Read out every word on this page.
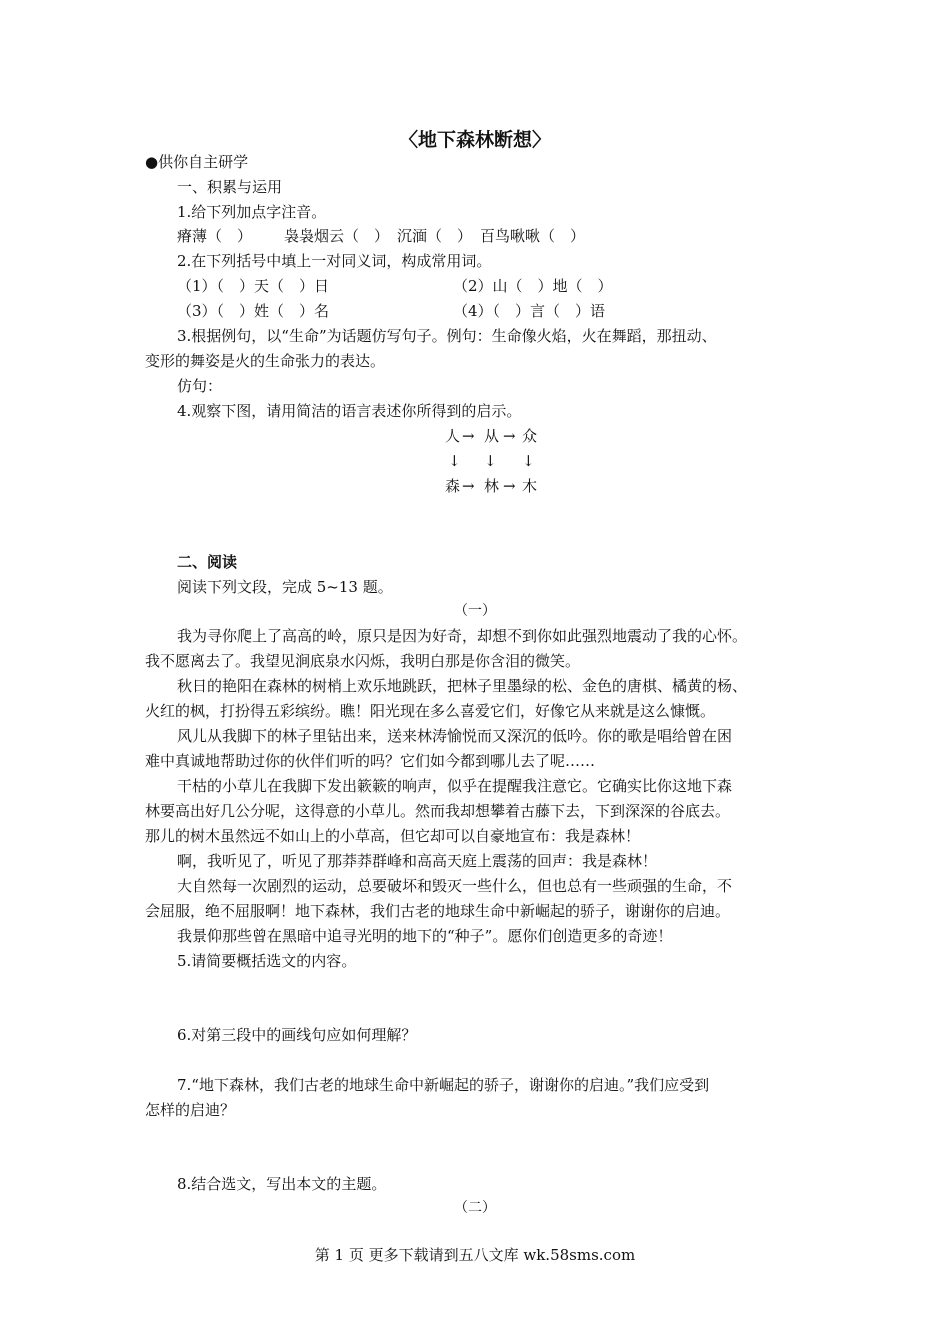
〈地下森林断想〉
●供你自主研学
一、积累与运用
1.给下列加点字注音。
瘠薄（　） 袅袅烟云（　） 沉湎（　） 百鸟啾啾（　）
2.在下列括号中填上一对同义词，构成常用词。
（1）（　）天（　）日	（2）山（　）地（　）
（3）（　）姓（　）名	（4）（　）言（　）语
3.根据例句，以“生命”为话题仿写句子。例句：生命像火焰，火在舞蹈，那扭动、
变形的舞姿是火的生命张力的表达。
仿句：
4.观察下图，请用简洁的语言表述你所得到的启示。
人 → 从 → 众
↓ ↓ ↓
森 → 林 → 木
二、阅读
阅读下列文段，完成 5~13 题。
（一）
我为寻你爬上了高高的岭，原只是因为好奇，却想不到你如此强烈地震动了我的心怀。
我不愿离去了。我望见涧底泉水闪烁，我明白那是你含泪的微笑。
秋日的艳阳在森林的树梢上欢乐地跳跃，把林子里墨绿的松、金色的唐棋、橘黄的杨、
火红的枫，打扮得五彩缤纷。瞧！阳光现在多么喜爱它们，好像它从来就是这么慷慨。
风儿从我脚下的林子里钻出来，送来林涛愉悦而又深沉的低吟。你的歌是唱给曾在困
难中真诚地帮助过你的伙伴们听的吗？它们如今都到哪儿去了呢……
干枯的小草儿在我脚下发出簌簌的响声，似乎在提醒我注意它。它确实比你这地下森
林要高出好几公分呢，这得意的小草儿。然而我却想攀着古藤下去，下到深深的谷底去。
那儿的树木虽然远不如山上的小草高，但它却可以自豪地宣布：我是森林！
啊，我听见了，听见了那莽莽群峰和高高天庭上震荡的回声：我是森林！
大自然每一次剧烈的运动，总要破坏和毁灭一些什么，但也总有一些顽强的生命，不
会屈服，绝不屈服啊！地下森林，我们古老的地球生命中新崛起的骄子，谢谢你的启迪。
我景仰那些曾在黑暗中追寻光明的地下的“种子”。愿你们创造更多的奇迹！
5.请简要概括选文的内容。
6.对第三段中的画线句应如何理解？
7.“地下森林，我们古老的地球生命中新崛起的骄子，谢谢你的启迪。”我们应受到
怎样的启迪？
8.结合选文，写出本文的主题。
（二）
第 1 页 更多下载请到五八文库 wk.58sms.com
